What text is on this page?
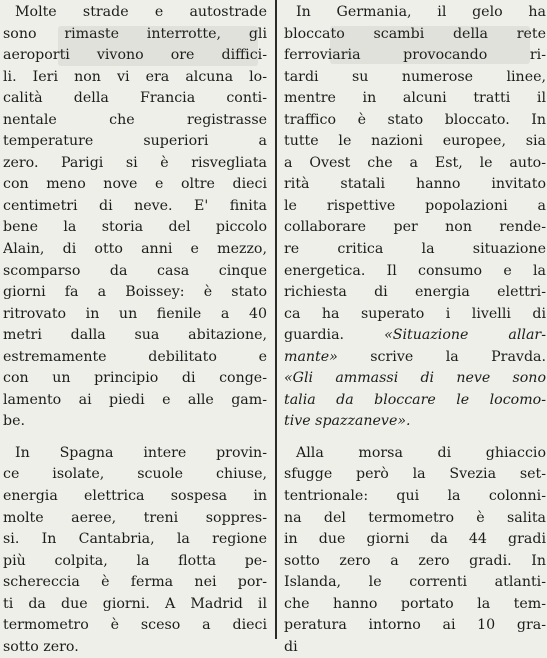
Molte strade e autostrade
sono rimaste interrotte, gli
aeroporti vivono ore diffici-
li. Ieri non vi era alcuna lo-
calità della Francia conti-
nentale che registrasse
temperature superiori a
zero. Parigi si è risvegliata
con meno nove e oltre dieci
centimetri di neve. E' finita
bene la storia del piccolo
Alain, di otto anni e mezzo,
scomparso da casa cinque
giorni fa a Boissey: è stato
ritrovato in un fienile a 40
metri dalla sua abitazione,
estremamente debilitato e
con un principio di conge-
lamento ai piedi e alle gam-
be.
In Spagna intere provin-
ce isolate, scuole chiuse,
energia elettrica sospesa in
molte aeree, treni soppres-
si. In Cantabria, la regione
più colpita, la flotta pe-
schereccia è ferma nei por-
ti da due giorni. A Madrid il
termometro è sceso a dieci
sotto zero.
In Germania, il gelo ha
bloccato scambi della rete
ferroviaria provocando ri-
tardi su numerose linee,
mentre in alcuni tratti il
traffico è stato bloccato. In
tutte le nazioni europee, sia
a Ovest che a Est, le auto-
rità statali hanno invitato
le rispettive popolazioni a
collaborare per non rende-
re critica la situazione
energetica. Il consumo e la
richiesta di energia elettri-
ca ha superato i livelli di
guardia.	«Situazione allar-
mante» scrive la Pravda.
«Gli ammassi di neve sono
talia da bloccare le locomo-
tive spazzaneve».
Alla morsa di ghiaccio
sfugge però la Svezia set-
tentrionale: qui la colonni-
na del termometro è salita
in due giorni da 44 gradi
sotto zero a zero gradi. In
Islanda, le correnti atlanti-
che hanno portato la tem-
peratura intorno ai 10 gra-
di
